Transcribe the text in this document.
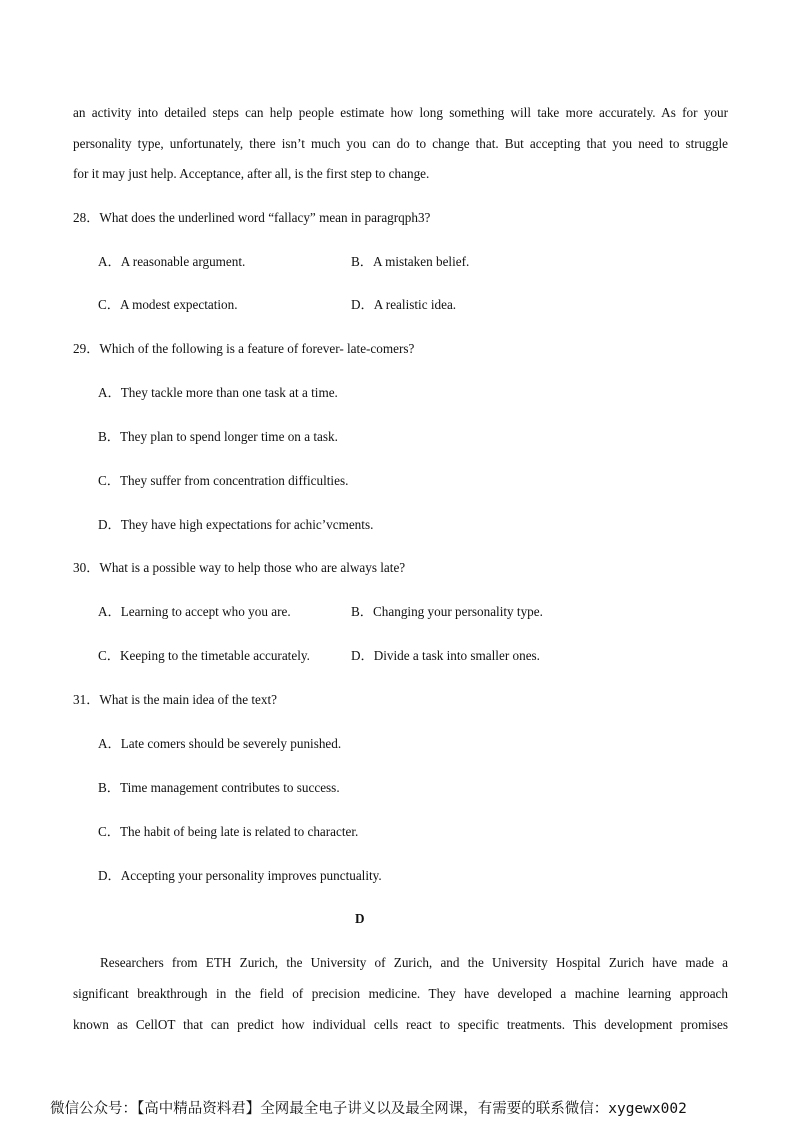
an activity into detailed steps can help people estimate how long something will take more accurately. As for your
personality type, unfortunately, there isn’t much you can do to change that. But accepting that you need to struggle
for it may just help. Acceptance, after all, is the first step to change.
28．What does the underlined word “fallacy” mean in paragrqph3?
A．A reasonable argument.	B．A mistaken belief.
C．A modest expectation.	D．A realistic idea.
29．Which of the following is a feature of forever- late-comers?
A．They tackle more than one task at a time.
B．They plan to spend longer time on a task.
C．They suffer from concentration difficulties.
D．They have high expectations for achic’vcments.
30．What is a possible way to help those who are always late?
A．Learning to accept who you are.	B．Changing your personality type.
C．Keeping to the timetable accurately.	D．Divide a task into smaller ones.
31．What is the main idea of the text?
A．Late comers should be severely punished.
B．Time management contributes to success.
C．The habit of being late is related to character.
D．Accepting your personality improves punctuality.
D
Researchers from ETH Zurich, the University of Zurich, and the University Hospital Zurich have made a
significant breakthrough in the field of precision medicine. They have developed a machine learning approach
known as CellOT that can predict how individual cells react to specific treatments. This development promises
微信公众号：【高中精品资料君】全网最全电子讲义以及最全网课，有需要的联系微信：xygewx002
